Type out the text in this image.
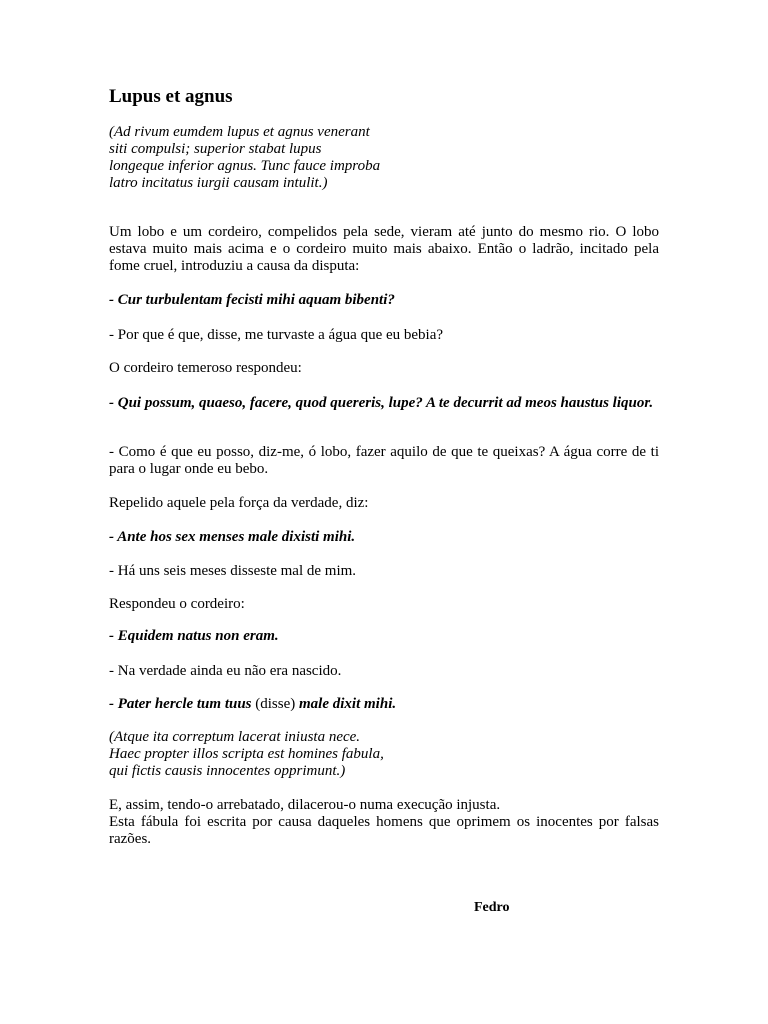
Lupus et agnus
(Ad rivum eumdem lupus et agnus venerant
siti compulsi; superior stabat lupus
longeque inferior agnus. Tunc fauce improba
latro incitatus iurgii causam intulit.)

Um lobo e um cordeiro, compelidos pela sede, vieram até junto do mesmo rio. O lobo estava muito mais acima e o cordeiro muito mais abaixo. Então o ladrão, incitado pela fome cruel, introduziu a causa da disputa:

- Cur turbulentam fecisti mihi aquam bibenti?

- Por que é que, disse, me turvaste a água que eu bebia?

O cordeiro temeroso respondeu:

- Qui possum, quaeso, facere, quod quereris, lupe? A te decurrit ad meos haustus liquor.

- Como é que eu posso, diz-me, ó lobo, fazer aquilo de que te queixas? A água corre de ti para o lugar onde eu bebo.

Repelido aquele pela força da verdade, diz:

- Ante hos sex menses male dixisti mihi.

- Há uns seis meses disseste mal de mim.

Respondeu o cordeiro:

- Equidem natus non eram.

- Na verdade ainda eu não era nascido.

- Pater hercle tum tuus (disse) male dixit mihi.

(Atque ita correptum lacerat iniusta nece.
Haec propter illos scripta est homines fabula,
qui fictis causis innocentes opprimunt.)
E, assim, tendo-o arrebatado, dilacerou-o numa execução injusta.
Esta fábula foi escrita por causa daqueles homens que oprimem os inocentes por falsas
razões.

Fedro
